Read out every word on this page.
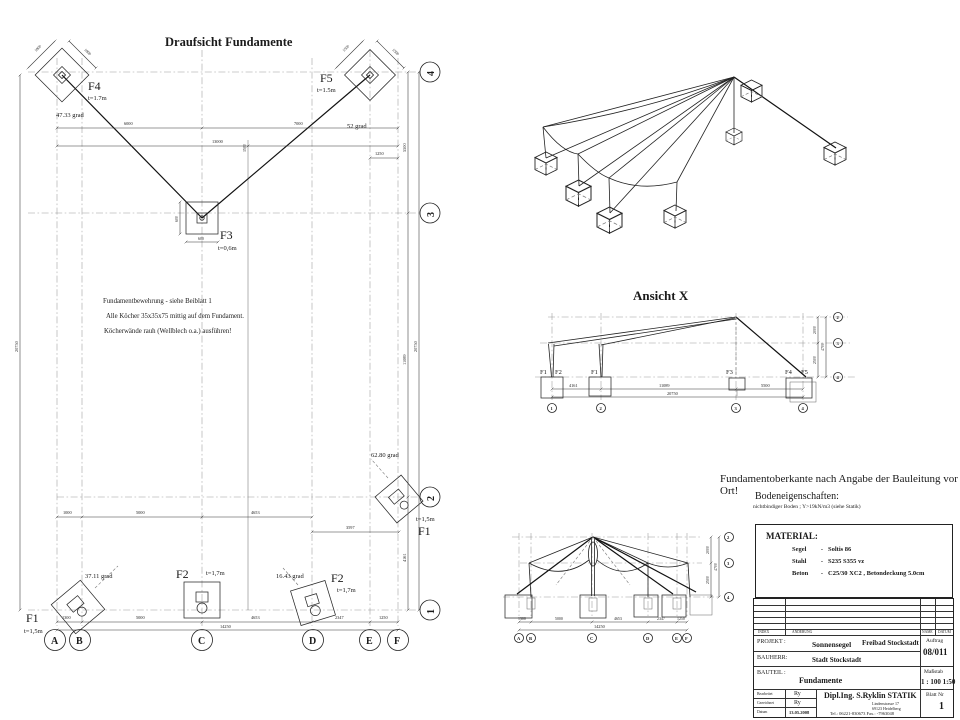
Draufsicht Fundamente
1800	1800
F4
t=1.7m
47.33 grad
1500	1500
F5
t=1.5m
52 grad
600
600
F3
t=0,6m
Fundamentbewehrung - siehe Beiblatt 1
Alle Köcher 35x35x75 mittig auf dem Fundament.
Köcherwände rauh (Wellblech o.a.) ausführen!
F1
t=1,5m
37.11 grad	F2	t=1,7m	F2
t=1,7m
16.43 grad
F1
t=1,5m
62.80 grad
6000	7000
13000
1500
1250
1000	5000	4653
3597
1300	5000	4653	2347	1250
14250
5500
11089
4161
20750
20750
A B	C	D	E F
4
3
2
1
Ansicht X
F1 F2	F1	F3	F4 F5
4161	11089	5500
20750
2000
2500
4700
1	2	3	4
2
3
4
1300	5000	4653	2347	1250
14250
2000
2500
4700
A B	C	D	E F
2
3
4
Fundamentoberkante nach Angabe der Bauleitung vor Ort!	Bodeneigenschaften:
nichtbindiger Boden ; Y>19kN/m3 (siehe Statik)
MATERIAL:
Segel	- Soltis 86
Stahl	- S235 S355 vz
Beton	- C25/30 XC2 , Betondeckung 5.0cm
INDEX	ÄNDERUNG	NAME DATUM
PROJEKT :	Sonnensegel Freibad Stockstadt Auftrag
08/011
BAUHERR:	Stadt Stockstadt
BAUTEIL :
Fundamente
Maßstab
1 : 100 1:50
Bearbeitet	Ry
Gezeichnet	Ry
Datum	13.05.2008
Dipl.Ing. S.Ryklin STATIK
Lindenstrasse 17
69123 Heidelberg
Tel.: 06221-830673 Fax.: -7963048
Blatt Nr
1
